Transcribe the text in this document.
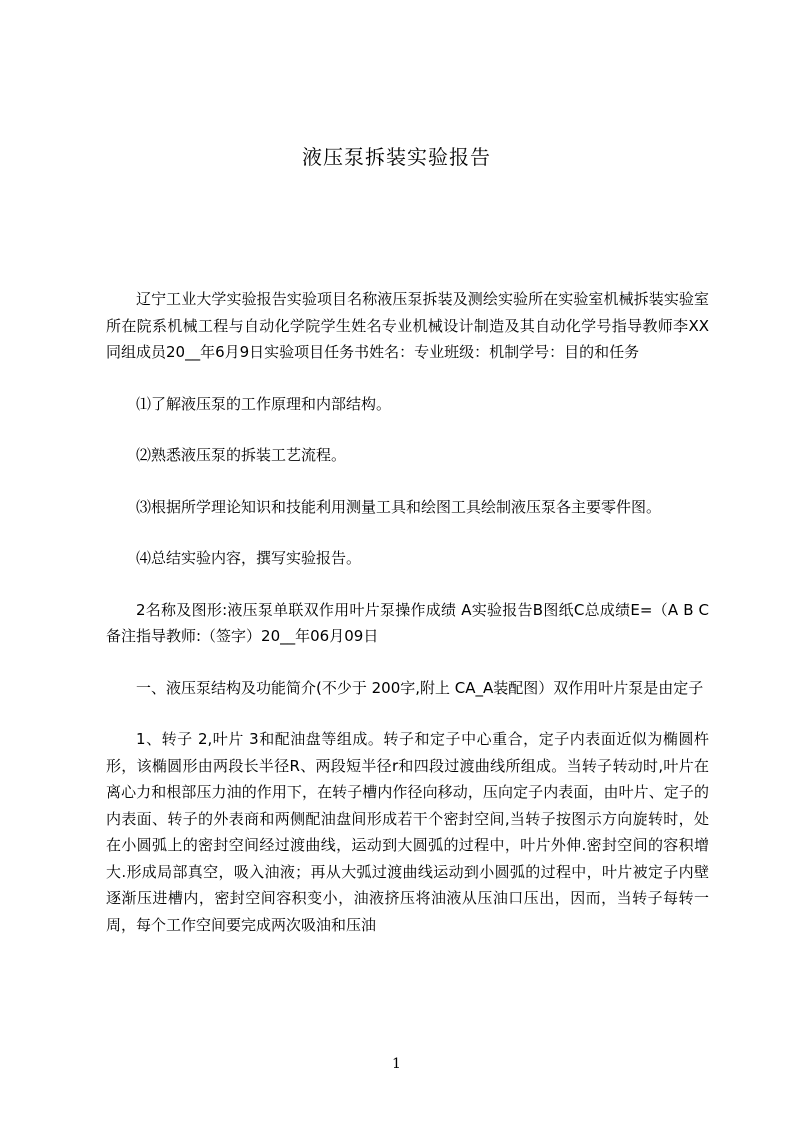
液压泵拆装实验报告

辽宁工业大学实验报告实验项目名称液压泵拆装及测绘实验所在实验室机械拆装实验室所在院系机械工程与自动化学院学生姓名专业机械设计制造及其自动化学号指导教师李XX同组成员20__年6月9日实验项目任务书姓名：专业班级：机制学号：目的和任务

⑴了解液压泵的工作原理和内部结构。

⑵熟悉液压泵的拆装工艺流程。

⑶根据所学理论知识和技能利用测量工具和绘图工具绘制液压泵各主要零件图。

⑷总结实验内容，撰写实验报告。

2名称及图形:液压泵单联双作用叶片泵操作成绩 A实验报告B图纸C总成绩E=（A B C备注指导教师:（签字）20__年06月09日

一、液压泵结构及功能简介(不少于 200字,附上 CA_A装配图）双作用叶片泵是由定子

1、转子 2,叶片 3和配油盘等组成。转子和定子中心重合，定子内表面近似为椭圆杵形，该椭圆形由两段长半径R、两段短半径r和四段过渡曲线所组成。当转子转动时,叶片在离心力和根部压力油的作用下，在转子槽内作径向移动，压向定子内表面，由叶片、定子的内表面、转子的外表商和两侧配油盘间形成若干个密封空间,当转子按图示方向旋转时，处在小圆弧上的密封空间经过渡曲线，运动到大圆弧的过程中，叶片外伸.密封空间的容积增大.形成局部真空，吸入油液；再从大弧过渡曲线运动到小圆弧的过程中，叶片被定子内壁逐渐压进槽内，密封空间容积变小，油液挤压将油液从压油口压出，因而，当转子每转一周，每个工作空间要完成两次吸油和压油

1
